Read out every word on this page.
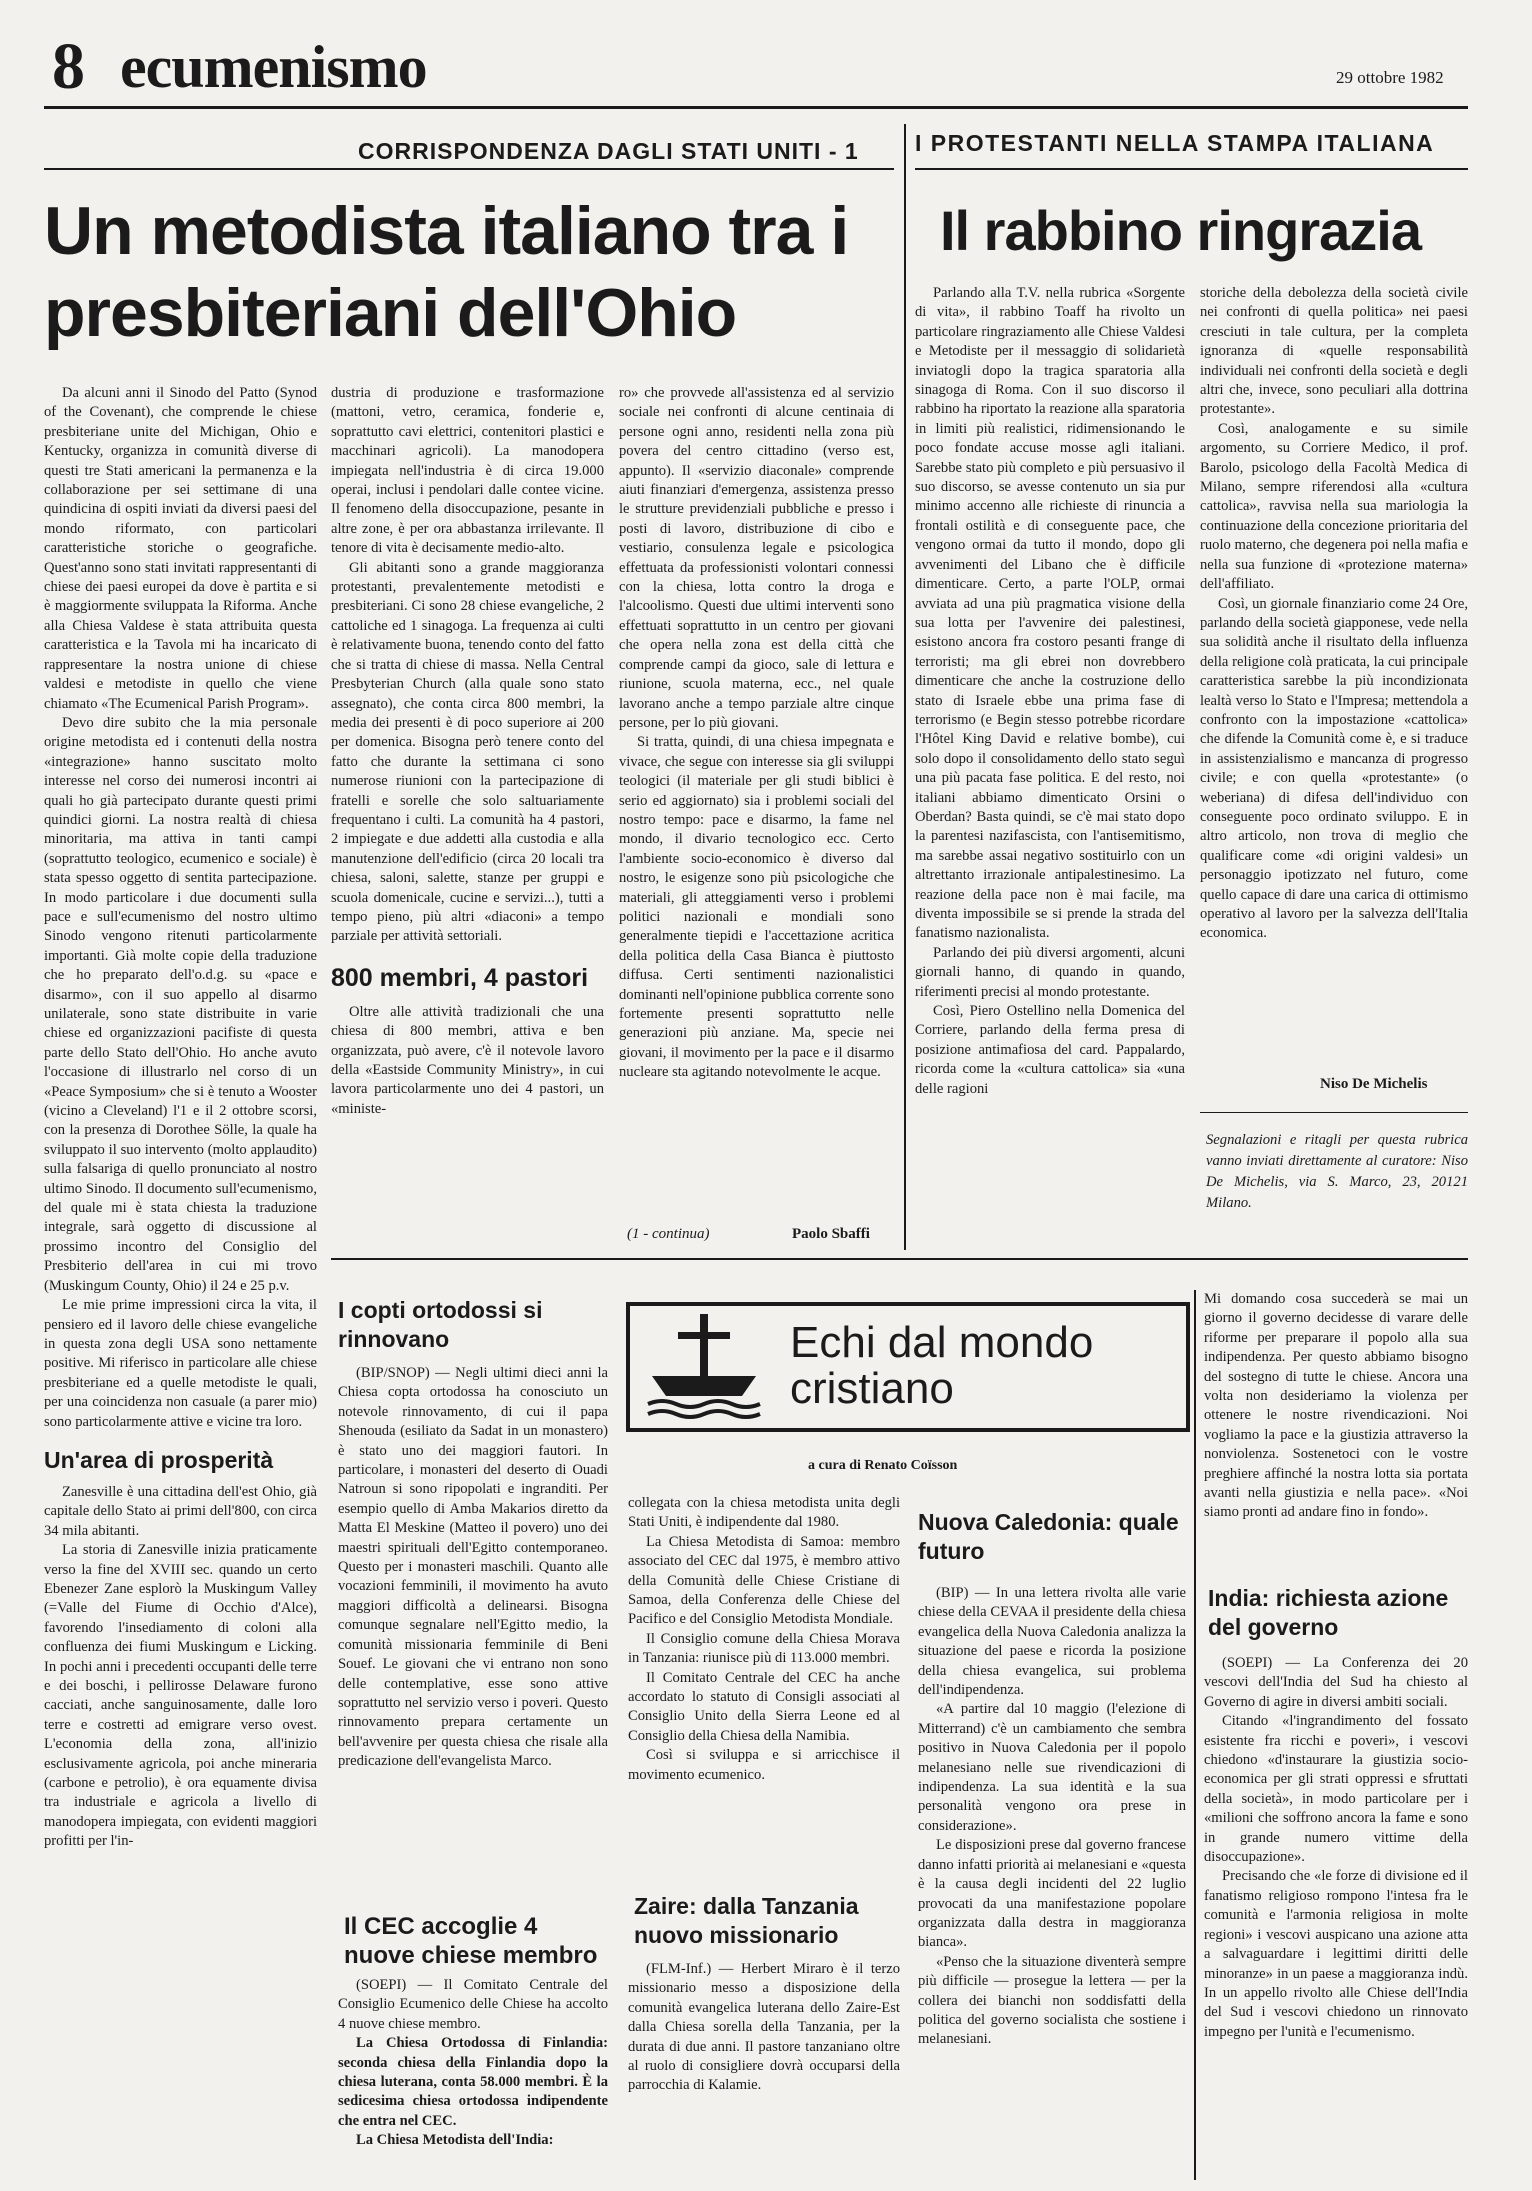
8 ecumenismo	29 ottobre 1982
CORRISPONDENZA DAGLI STATI UNITI - 1 I PROTESTANTI NELLA STAMPA ITALIANA
Un metodista italiano tra i presbiteriani dell'Ohio

Da alcuni anni il Sinodo del Patto (Synod of the Covenant), che comprende le chiese presbiteriane unite del Michigan, Ohio e Kentucky, organizza in comunità diverse di questi tre Stati americani la permanenza e la collaborazione per sei settimane di una quindicina di ospiti inviati da diversi paesi del mondo riformato, con particolari caratteristiche storiche o geografiche. Quest'anno sono stati invitati rappresentanti di chiese dei paesi europei da dove è partita e si è maggiormente sviluppata la Riforma. Anche alla Chiesa Valdese è stata attribuita questa caratteristica e la Tavola mi ha incaricato di rappresentare la nostra unione di chiese valdesi e metodiste in quello che viene chiamato «The Ecumenical Parish Program».

Devo dire subito che la mia personale origine metodista ed i contenuti della nostra «integrazione» hanno suscitato molto interesse nel corso dei numerosi incontri ai quali ho già partecipato durante questi primi quindici giorni. La nostra realtà di chiesa minoritaria, ma attiva in tanti campi (soprattutto teologico, ecumenico e sociale) è stata spesso oggetto di sentita partecipazione. In modo particolare i due documenti sulla pace e sull'ecumenismo del nostro ultimo Sinodo vengono ritenuti particolarmente importanti. Già molte copie della traduzione che ho preparato dell'o.d.g. su «pace e disarmo», con il suo appello al disarmo unilaterale, sono state distribuite in varie chiese ed organizzazioni pacifiste di questa parte dello Stato dell'Ohio. Ho anche avuto l'occasione di illustrarlo nel corso di un «Peace Symposium» che si è tenuto a Wooster (vicino a Cleveland) l'1 e il 2 ottobre scorsi, con la presenza di Dorothee Sölle, la quale ha sviluppato il suo intervento (molto applaudito) sulla falsariga di quello pronunciato al nostro ultimo Sinodo. Il documento sull'ecumenismo, del quale mi è stata chiesta la traduzione integrale, sarà oggetto di discussione al prossimo incontro del Consiglio del Presbiterio dell'area in cui mi trovo (Muskingum County, Ohio) il 24 e 25 p.v.

Le mie prime impressioni circa la vita, il pensiero ed il lavoro delle chiese evangeliche in questa zona degli USA sono nettamente positive. Mi riferisco in particolare alle chiese presbiteriane ed a quelle metodiste le quali, per una coincidenza non casuale (a parer mio) sono particolarmente attive e vicine tra loro.

Un'area di prosperità

Zanesville è una cittadina dell'est Ohio, già capitale dello Stato ai primi dell'800, con circa 34 mila abitanti.

La storia di Zanesville inizia praticamente verso la fine del XVIII sec. quando un certo Ebenezer Zane esplorò la Muskingum Valley (=Valle del Fiume di Occhio d'Alce), favorendo l'insediamento di coloni alla confluenza dei fiumi Muskingum e Licking. In pochi anni i precedenti occupanti delle terre e dei boschi, i pellirosse Delaware furono cacciati, anche sanguinosamente, dalle loro terre e costretti ad emigrare verso ovest. L'economia della zona, all'inizio esclusivamente agricola, poi anche mineraria (carbone e petrolio), è ora equamente divisa tra industriale e agricola a livello di manodopera impiegata, con evidenti maggiori profitti per l'in-

dustria di produzione e trasformazione (mattoni, vetro, ceramica, fonderie e, soprattutto cavi elettrici, contenitori plastici e macchinari agricoli). La manodopera impiegata nell'industria è di circa 19.000 operai, inclusi i pendolari dalle contee vicine. Il fenomeno della disoccupazione, pesante in altre zone, è per ora abbastanza irrilevante. Il tenore di vita è decisamente medio-alto.

Gli abitanti sono a grande maggioranza protestanti, prevalentemente metodisti e presbiteriani. Ci sono 28 chiese evangeliche, 2 cattoliche ed 1 sinagoga. La frequenza ai culti è relativamente buona, tenendo conto del fatto che si tratta di chiese di massa. Nella Central Presbyterian Church (alla quale sono stato assegnato), che conta circa 800 membri, la media dei presenti è di poco superiore ai 200 per domenica. Bisogna però tenere conto del fatto che durante la settimana ci sono numerose riunioni con la partecipazione di fratelli e sorelle che solo saltuariamente frequentano i culti. La comunità ha 4 pastori, 2 impiegate e due addetti alla custodia e alla manutenzione dell'edificio (circa 20 locali tra chiesa, saloni, salette, stanze per gruppi e scuola domenicale, cucine e servizi...), tutti a tempo pieno, più altri «diaconi» a tempo parziale per attività settoriali.

800 membri, 4 pastori

Oltre alle attività tradizionali che una chiesa di 800 membri, attiva e ben organizzata, può avere, c'è il notevole lavoro della «Eastside Community Ministry», in cui lavora particolarmente uno dei 4 pastori, un «ministe-

ro» che provvede all'assistenza ed al servizio sociale nei confronti di alcune centinaia di persone ogni anno, residenti nella zona più povera del centro cittadino (verso est, appunto). Il «servizio diaconale» comprende aiuti finanziari d'emergenza, assistenza presso le strutture previdenziali pubbliche e presso i posti di lavoro, distribuzione di cibo e vestiario, consulenza legale e psicologica effettuata da professionisti volontari connessi con la chiesa, lotta contro la droga e l'alcoolismo. Questi due ultimi interventi sono effettuati soprattutto in un centro per giovani che opera nella zona est della città che comprende campi da gioco, sale di lettura e riunione, scuola materna, ecc., nel quale lavorano anche a tempo parziale altre cinque persone, per lo più giovani.

Si tratta, quindi, di una chiesa impegnata e vivace, che segue con interesse sia gli sviluppi teologici (il materiale per gli studi biblici è serio ed aggiornato) sia i problemi sociali del nostro tempo: pace e disarmo, la fame nel mondo, il divario tecnologico ecc. Certo l'ambiente socio-economico è diverso dal nostro, le esigenze sono più psicologiche che materiali, gli atteggiamenti verso i problemi politici nazionali e mondiali sono generalmente tiepidi e l'accettazione acritica della politica della Casa Bianca è piuttosto diffusa. Certi sentimenti nazionalistici dominanti nell'opinione pubblica corrente sono fortemente presenti soprattutto nelle generazioni più anziane. Ma, specie nei giovani, il movimento per la pace e il disarmo nucleare sta agitando notevolmente le acque.

(1 - continua)	Paolo Sbaffi
Il rabbino ringrazia

Parlando alla T.V. nella rubrica «Sorgente di vita», il rabbino Toaff ha rivolto un particolare ringraziamento alle Chiese Valdesi e Metodiste per il messaggio di solidarietà inviatogli dopo la tragica sparatoria alla sinagoga di Roma. Con il suo discorso il rabbino ha riportato la reazione alla sparatoria in limiti più realistici, ridimensionando le poco fondate accuse mosse agli italiani. Sarebbe stato più completo e più persuasivo il suo discorso, se avesse contenuto un sia pur minimo accenno alle richieste di rinuncia a frontali ostilità e di conseguente pace, che vengono ormai da tutto il mondo, dopo gli avvenimenti del Libano che è difficile dimenticare. Certo, a parte l'OLP, ormai avviata ad una più pragmatica visione della sua lotta per l'avvenire dei palestinesi, esistono ancora fra costoro pesanti frange di terroristi; ma gli ebrei non dovrebbero dimenticare che anche la costruzione dello stato di Israele ebbe una prima fase di terrorismo (e Begin stesso potrebbe ricordare l'Hôtel King David e relative bombe), cui solo dopo il consolidamento dello stato seguì una più pacata fase politica. E del resto, noi italiani abbiamo dimenticato Orsini o Oberdan? Basta quindi, se c'è mai stato dopo la parentesi nazifascista, con l'antisemitismo, ma sarebbe assai negativo sostituirlo con un altrettanto irrazionale antipalestinesimo. La reazione della pace non è mai facile, ma diventa impossibile se si prende la strada del fanatismo nazionalista.

Parlando dei più diversi argomenti, alcuni giornali hanno, di quando in quando, riferimenti precisi al mondo protestante.

Così, Piero Ostellino nella Domenica del Corriere, parlando della ferma presa di posizione antimafiosa del card. Pappalardo, ricorda come la «cultura cattolica» sia «una delle ragioni

storiche della debolezza della società civile nei confronti di quella politica» nei paesi cresciuti in tale cultura, per la completa ignoranza di «quelle responsabilità individuali nei confronti della società e degli altri che, invece, sono peculiari alla dottrina protestante».

Così, analogamente e su simile argomento, su Corriere Medico, il prof. Barolo, psicologo della Facoltà Medica di Milano, sempre riferendosi alla «cultura cattolica», ravvisa nella sua mariologia la continuazione della concezione prioritaria del ruolo materno, che degenera poi nella mafia e nella sua funzione di «protezione materna» dell'affiliato.

Così, un giornale finanziario come 24 Ore, parlando della società giapponese, vede nella sua solidità anche il risultato della influenza della religione colà praticata, la cui principale caratteristica sarebbe la più incondizionata lealtà verso lo Stato e l'Impresa; mettendola a confronto con la impostazione «cattolica» che difende la Comunità come è, e si traduce in assistenzialismo e mancanza di progresso civile; e con quella «protestante» (o weberiana) di difesa dell'individuo con conseguente poco ordinato sviluppo. E in altro articolo, non trova di meglio che qualificare come «di origini valdesi» un personaggio ipotizzato nel futuro, come quello capace di dare una carica di ottimismo operativo al lavoro per la salvezza dell'Italia economica.

Niso De Michelis
Segnalazioni e ritagli per questa rubrica vanno inviati direttamente al curatore: Niso De Michelis, via S. Marco, 23, 20121 Milano.
I copti ortodossi si rinnovano

(BIP/SNOP) — Negli ultimi dieci anni la Chiesa copta ortodossa ha conosciuto un notevole rinnovamento, di cui il papa Shenouda (esiliato da Sadat in un monastero) è stato uno dei maggiori fautori. In particolare, i monasteri del deserto di Ouadi Natroun si sono ripopolati e ingranditi. Per esempio quello di Amba Makarios diretto da Matta El Meskine (Matteo il povero) uno dei maestri spirituali dell'Egitto contemporaneo. Questo per i monasteri maschili. Quanto alle vocazioni femminili, il movimento ha avuto maggiori difficoltà a delinearsi. Bisogna comunque segnalare nell'Egitto medio, la comunità missionaria femminile di Beni Souef. Le giovani che vi entrano non sono delle contemplative, esse sono attive soprattutto nel servizio verso i poveri. Questo rinnovamento prepara certamente un bell'avvenire per questa chiesa che risale alla predicazione dell'evangelista Marco.

Il CEC accoglie 4 nuove chiese membro

(SOEPI) — Il Comitato Centrale del Consiglio Ecumenico delle Chiese ha accolto 4 nuove chiese membro.

La Chiesa Ortodossa di Finlandia: seconda chiesa della Finlandia dopo la chiesa luterana, conta 58.000 membri. È la sedicesima chiesa ortodossa indipendente che entra nel CEC.

La Chiesa Metodista dell'India:

Echi dal mondo cristiano
a cura di Renato Coïsson

collegata con la chiesa metodista unita degli Stati Uniti, è indipendente dal 1980.

La Chiesa Metodista di Samoa: membro associato del CEC dal 1975, è membro attivo della Comunità delle Chiese Cristiane di Samoa, della Conferenza delle Chiese del Pacifico e del Consiglio Metodista Mondiale.

Il Consiglio comune della Chiesa Morava in Tanzania: riunisce più di 113.000 membri.

Il Comitato Centrale del CEC ha anche accordato lo statuto di Consigli associati al Consiglio Unito della Sierra Leone ed al Consiglio della Chiesa della Namibia.

Così si sviluppa e si arricchisce il movimento ecumenico.

Zaire: dalla Tanzania nuovo missionario

(FLM-Inf.) — Herbert Miraro è il terzo missionario messo a disposizione della comunità evangelica luterana dello Zaire-Est dalla Chiesa sorella della Tanzania, per la durata di due anni. Il pastore tanzaniano oltre al ruolo di consigliere dovrà occuparsi della parrocchia di Kalamie.

Nuova Caledonia: quale futuro

(BIP) — In una lettera rivolta alle varie chiese della CEVAA il presidente della chiesa evangelica della Nuova Caledonia analizza la situazione del paese e ricorda la posizione della chiesa evangelica, sui problema dell'indipendenza.

«A partire dal 10 maggio (l'elezione di Mitterrand) c'è un cambiamento che sembra positivo in Nuova Caledonia per il popolo melanesiano nelle sue rivendicazioni di indipendenza. La sua identità e la sua personalità vengono ora prese in considerazione».

Le disposizioni prese dal governo francese danno infatti priorità ai melanesiani e «questa è la causa degli incidenti del 22 luglio provocati da una manifestazione popolare organizzata dalla destra in maggioranza bianca».

«Penso che la situazione diventerà sempre più difficile — prosegue la lettera — per la collera dei bianchi non soddisfatti della politica del governo socialista che sostiene i melanesiani.

Mi domando cosa succederà se mai un giorno il governo decidesse di varare delle riforme per preparare il popolo alla sua indipendenza. Per questo abbiamo bisogno del sostegno di tutte le chiese. Ancora una volta non desideriamo la violenza per ottenere le nostre rivendicazioni. Noi vogliamo la pace e la giustizia attraverso la nonviolenza. Sostenetoci con le vostre preghiere affinché la nostra lotta sia portata avanti nella giustizia e nella pace». «Noi siamo pronti ad andare fino in fondo».

India: richiesta azione del governo

(SOEPI) — La Conferenza dei 20 vescovi dell'India del Sud ha chiesto al Governo di agire in diversi ambiti sociali.

Citando «l'ingrandimento del fossato esistente fra ricchi e poveri», i vescovi chiedono «d'instaurare la giustizia socio-economica per gli strati oppressi e sfruttati della società», in modo particolare per i «milioni che soffrono ancora la fame e sono in grande numero vittime della disoccupazione».

Precisando che «le forze di divisione ed il fanatismo religioso rompono l'intesa fra le comunità e l'armonia religiosa in molte regioni» i vescovi auspicano una azione atta a salvaguardare i legittimi diritti delle minoranze» in un paese a maggioranza indù. In un appello rivolto alle Chiese dell'India del Sud i vescovi chiedono un rinnovato impegno per l'unità e l'ecumenismo.
